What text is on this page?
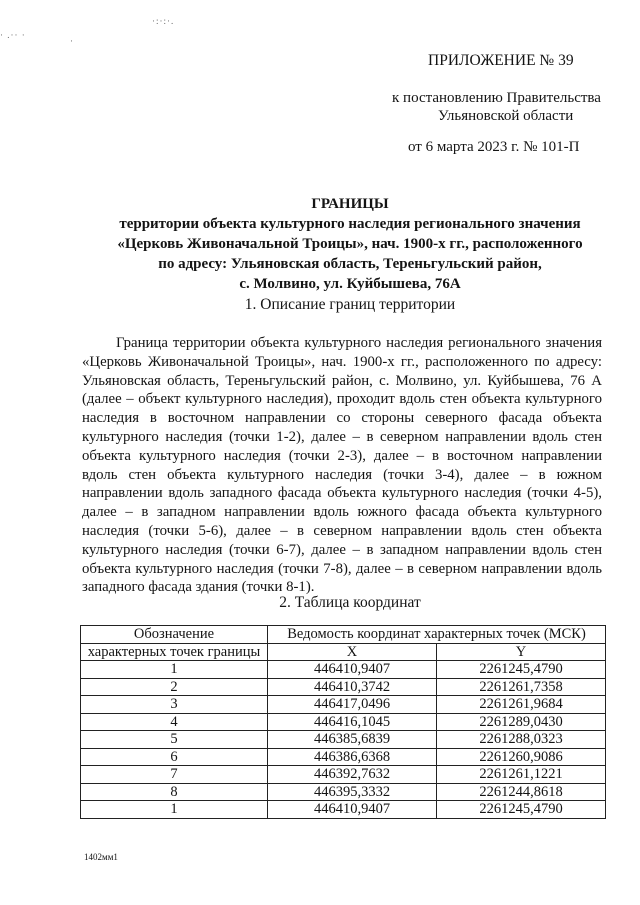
·:·:·.
· .·· ·
·
ПРИЛОЖЕНИЕ № 39
к постановлению Правительства
Ульяновской области
от 6 марта 2023 г. № 101-П
ГРАНИЦЫ
территории объекта культурного наследия регионального значения
«Церковь Живоначальной Троицы», нач. 1900-х гг., расположенного
по адресу: Ульяновская область, Тереньгульский район,
с. Молвино, ул. Куйбышева, 76А
1. Описание границ территории
Граница территории объекта культурного наследия регионального значения «Церковь Живоначальной Троицы», нач. 1900-х гг., расположенного по адресу: Ульяновская область, Тереньгульский район, с. Молвино, ул. Куйбышева, 76 А (далее – объект культурного наследия), проходит вдоль стен объекта культурного наследия в восточном направлении со стороны северного фасада объекта культурного наследия (точки 1-2), далее – в северном направлении вдоль стен объекта культурного наследия (точки 2-3), далее – в восточном направлении вдоль стен объекта культурного наследия (точки 3-4), далее – в южном направлении вдоль западного фасада объекта культурного наследия (точки 4-5), далее – в западном направлении вдоль южного фасада объекта культурного наследия (точки 5-6), далее – в северном направлении вдоль стен объекта культурного наследия (точки 6-7), далее – в западном направлении вдоль стен объекта культурного наследия (точки 7-8), далее – в северном направлении вдоль западного фасада здания (точки 8-1).
2. Таблица координат
Обозначение	Ведомость координат характерных точек (МСК)	
характерных точек границы	X	Y
1	446410,9407	2261245,4790
2	446410,3742	2261261,7358
3	446417,0496	2261261,9684
4	446416,1045	2261289,0430
5	446385,6839	2261288,0323
6	446386,6368	2261260,9086
7	446392,7632	2261261,1221
8	446395,3332	2261244,8618
1	446410,9407	2261245,4790
1402мм1
